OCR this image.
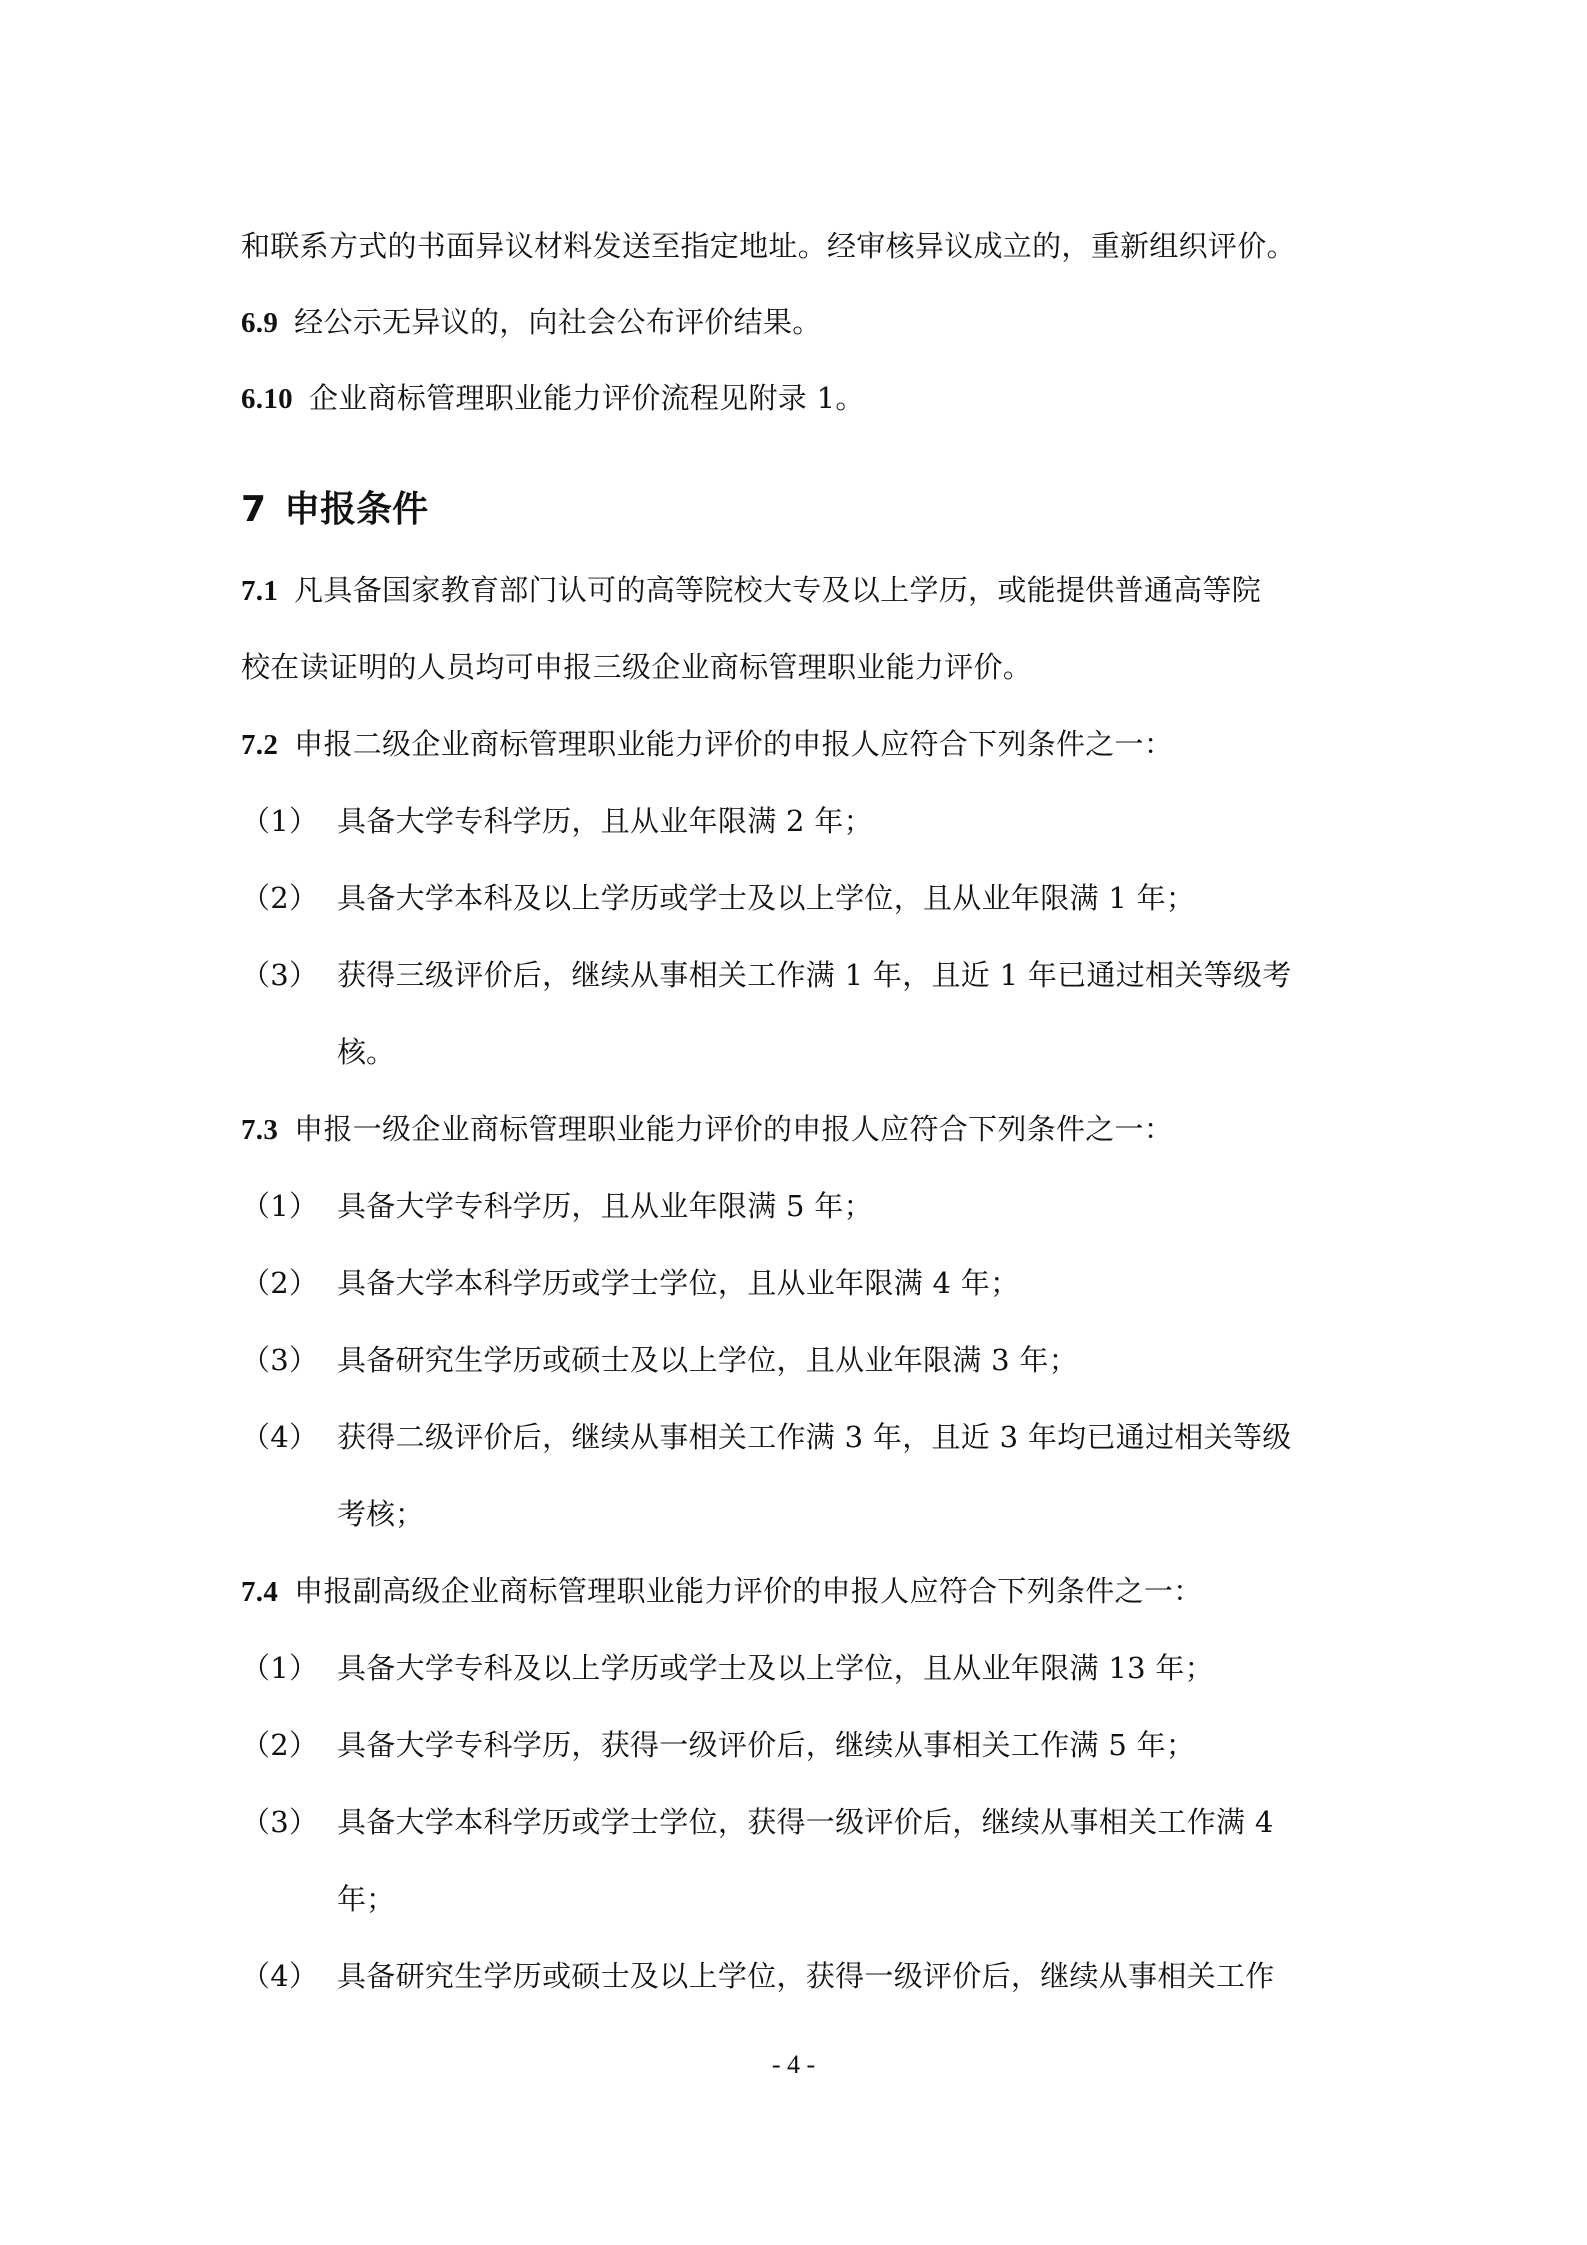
和联系方式的书面异议材料发送至指定地址。经审核异议成立的，重新组织评价。
6.9 经公示无异议的，向社会公布评价结果。
6.10 企业商标管理职业能力评价流程见附录 1。
7 申报条件
7.1 凡具备国家教育部门认可的高等院校大专及以上学历，或能提供普通高等院
校在读证明的人员均可申报三级企业商标管理职业能力评价。
7.2 申报二级企业商标管理职业能力评价的申报人应符合下列条件之一：
（1） 具备大学专科学历，且从业年限满 2 年；
（2） 具备大学本科及以上学历或学士及以上学位，且从业年限满 1 年；
（3） 获得三级评价后，继续从事相关工作满 1 年，且近 1 年已通过相关等级考
核。
7.3 申报一级企业商标管理职业能力评价的申报人应符合下列条件之一：
（1） 具备大学专科学历，且从业年限满 5 年；
（2） 具备大学本科学历或学士学位，且从业年限满 4 年；
（3） 具备研究生学历或硕士及以上学位，且从业年限满 3 年；
（4） 获得二级评价后，继续从事相关工作满 3 年，且近 3 年均已通过相关等级
考核；
7.4 申报副高级企业商标管理职业能力评价的申报人应符合下列条件之一：
（1） 具备大学专科及以上学历或学士及以上学位，且从业年限满 13 年；
（2） 具备大学专科学历，获得一级评价后，继续从事相关工作满 5 年；
（3） 具备大学本科学历或学士学位，获得一级评价后，继续从事相关工作满 4
年；
（4） 具备研究生学历或硕士及以上学位，获得一级评价后，继续从事相关工作
- 4 -
